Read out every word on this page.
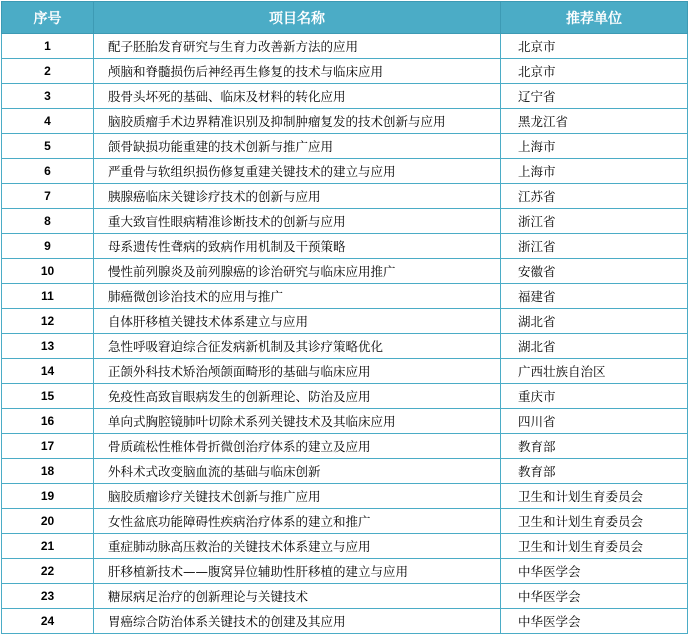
序号	项目名称	推荐单位
1	配子胚胎发育研究与生育力改善新方法的应用	北京市
2	颅脑和脊髓损伤后神经再生修复的技术与临床应用	北京市
3	股骨头坏死的基础、临床及材料的转化应用	辽宁省
4	脑胶质瘤手术边界精准识别及抑制肿瘤复发的技术创新与应用	黑龙江省
5	颌骨缺损功能重建的技术创新与推广应用	上海市
6	严重骨与软组织损伤修复重建关键技术的建立与应用	上海市
7	胰腺癌临床关键诊疗技术的创新与应用	江苏省
8	重大致盲性眼病精准诊断技术的创新与应用	浙江省
9	母系遗传性聋病的致病作用机制及干预策略	浙江省
10	慢性前列腺炎及前列腺癌的诊治研究与临床应用推广	安徽省
11	肺癌微创诊治技术的应用与推广	福建省
12	自体肝移植关键技术体系建立与应用	湖北省
13	急性呼吸窘迫综合征发病新机制及其诊疗策略优化	湖北省
14	正颌外科技术矫治颅颌面畸形的基础与临床应用	广西壮族自治区
15	免疫性高致盲眼病发生的创新理论、防治及应用	重庆市
16	单向式胸腔镜肺叶切除术系列关键技术及其临床应用	四川省
17	骨质疏松性椎体骨折微创治疗体系的建立及应用	教育部
18	外科术式改变脑血流的基础与临床创新	教育部
19	脑胶质瘤诊疗关键技术创新与推广应用	卫生和计划生育委员会
20	女性盆底功能障碍性疾病治疗体系的建立和推广	卫生和计划生育委员会
21	重症肺动脉高压救治的关键技术体系建立与应用	卫生和计划生育委员会
22	肝移植新技术——腹窝异位辅助性肝移植的建立与应用	中华医学会
23	糖尿病足治疗的创新理论与关键技术	中华医学会
24	胃癌综合防治体系关键技术的创建及其应用	中华医学会
